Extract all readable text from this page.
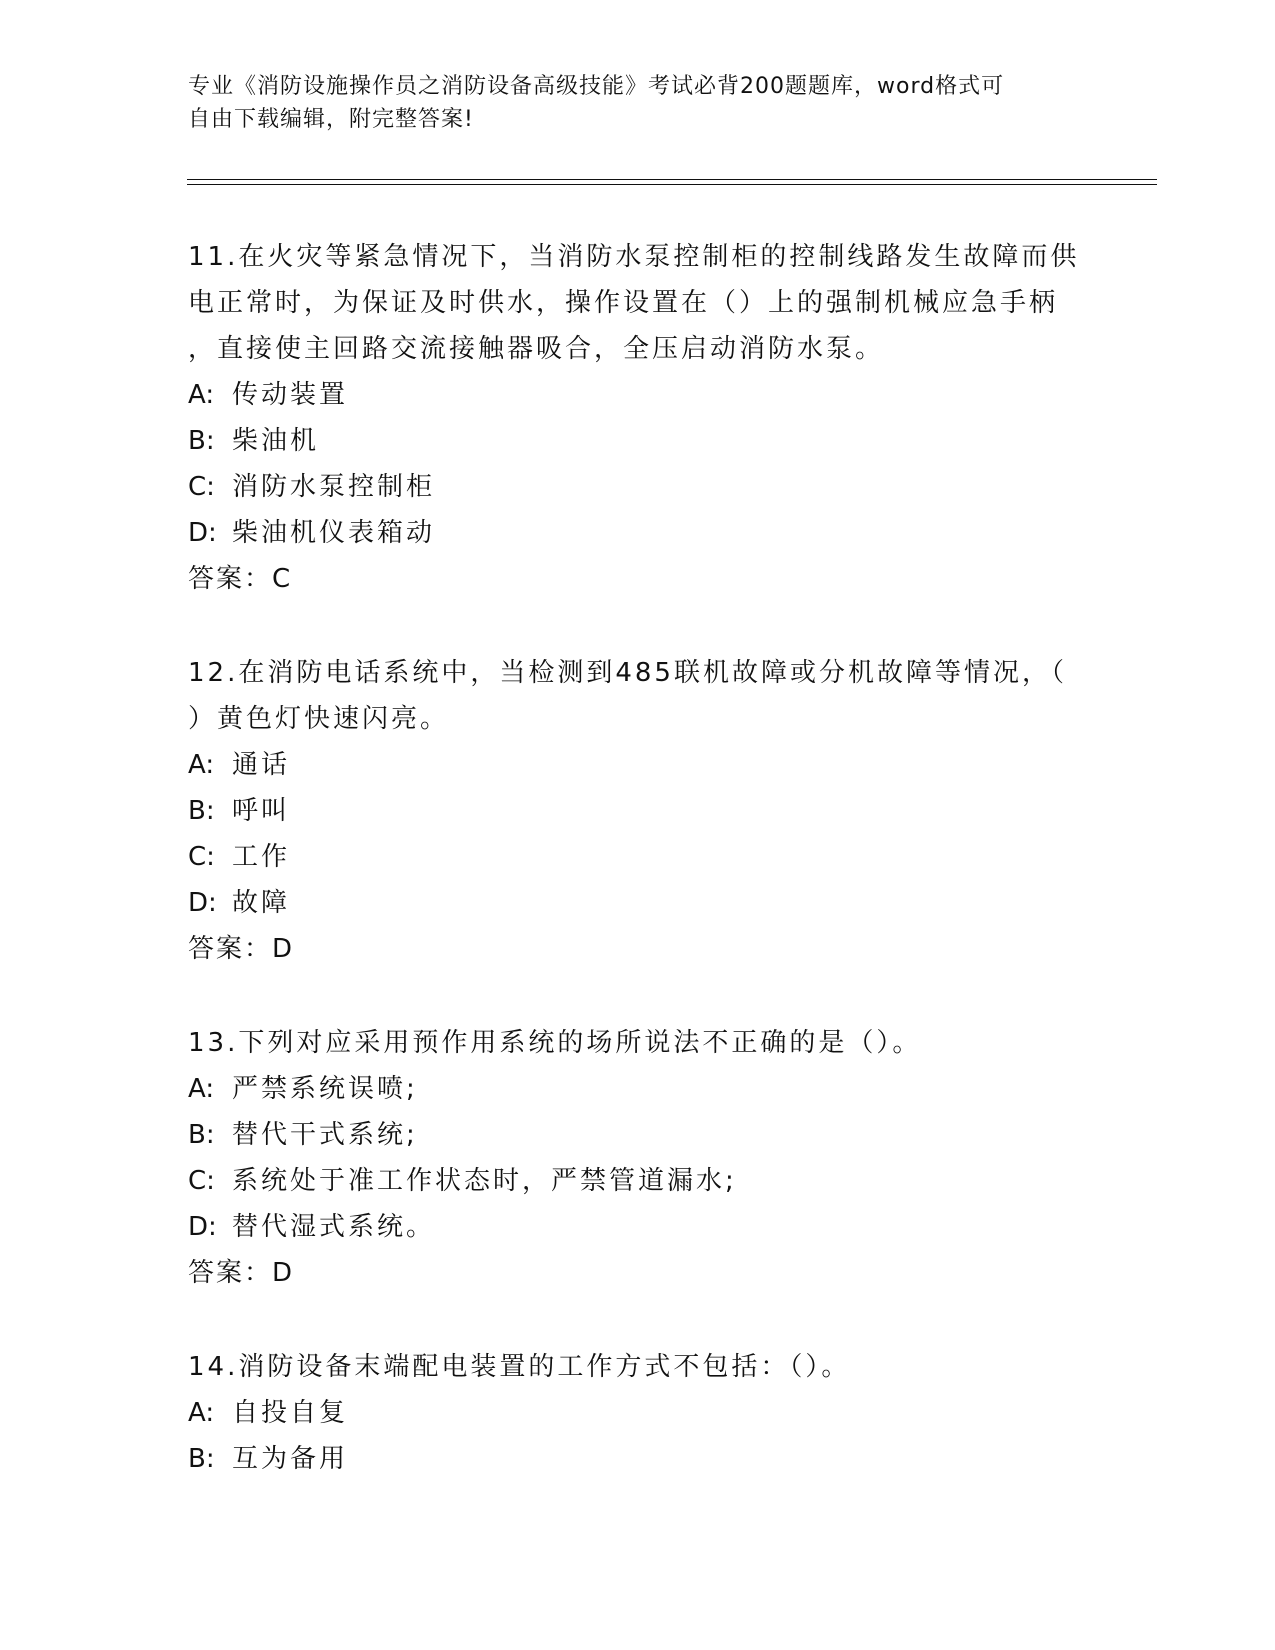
专业《消防设施操作员之消防设备高级技能》考试必背200题题库，word格式可
自由下载编辑，附完整答案!

11.在火灾等紧急情况下，当消防水泵控制柜的控制线路发生故障而供

电正常时，为保证及时供水，操作设置在（）上的强制机械应急手柄

，直接使主回路交流接触器吸合，全压启动消防水泵。

A: 传动装置

B: 柴油机

C: 消防水泵控制柜

D: 柴油机仪表箱动

答案：C

12.在消防电话系统中，当检测到485联机故障或分机故障等情况，（

）黄色灯快速闪亮。

A: 通话

B: 呼叫

C: 工作

D: 故障

答案：D

13.下列对应采用预作用系统的场所说法不正确的是（）。

A: 严禁系统误喷;

B: 替代干式系统;

C: 系统处于准工作状态时，严禁管道漏水;

D: 替代湿式系统。

答案：D

14.消防设备末端配电装置的工作方式不包括：（）。

A: 自投自复

B: 互为备用
